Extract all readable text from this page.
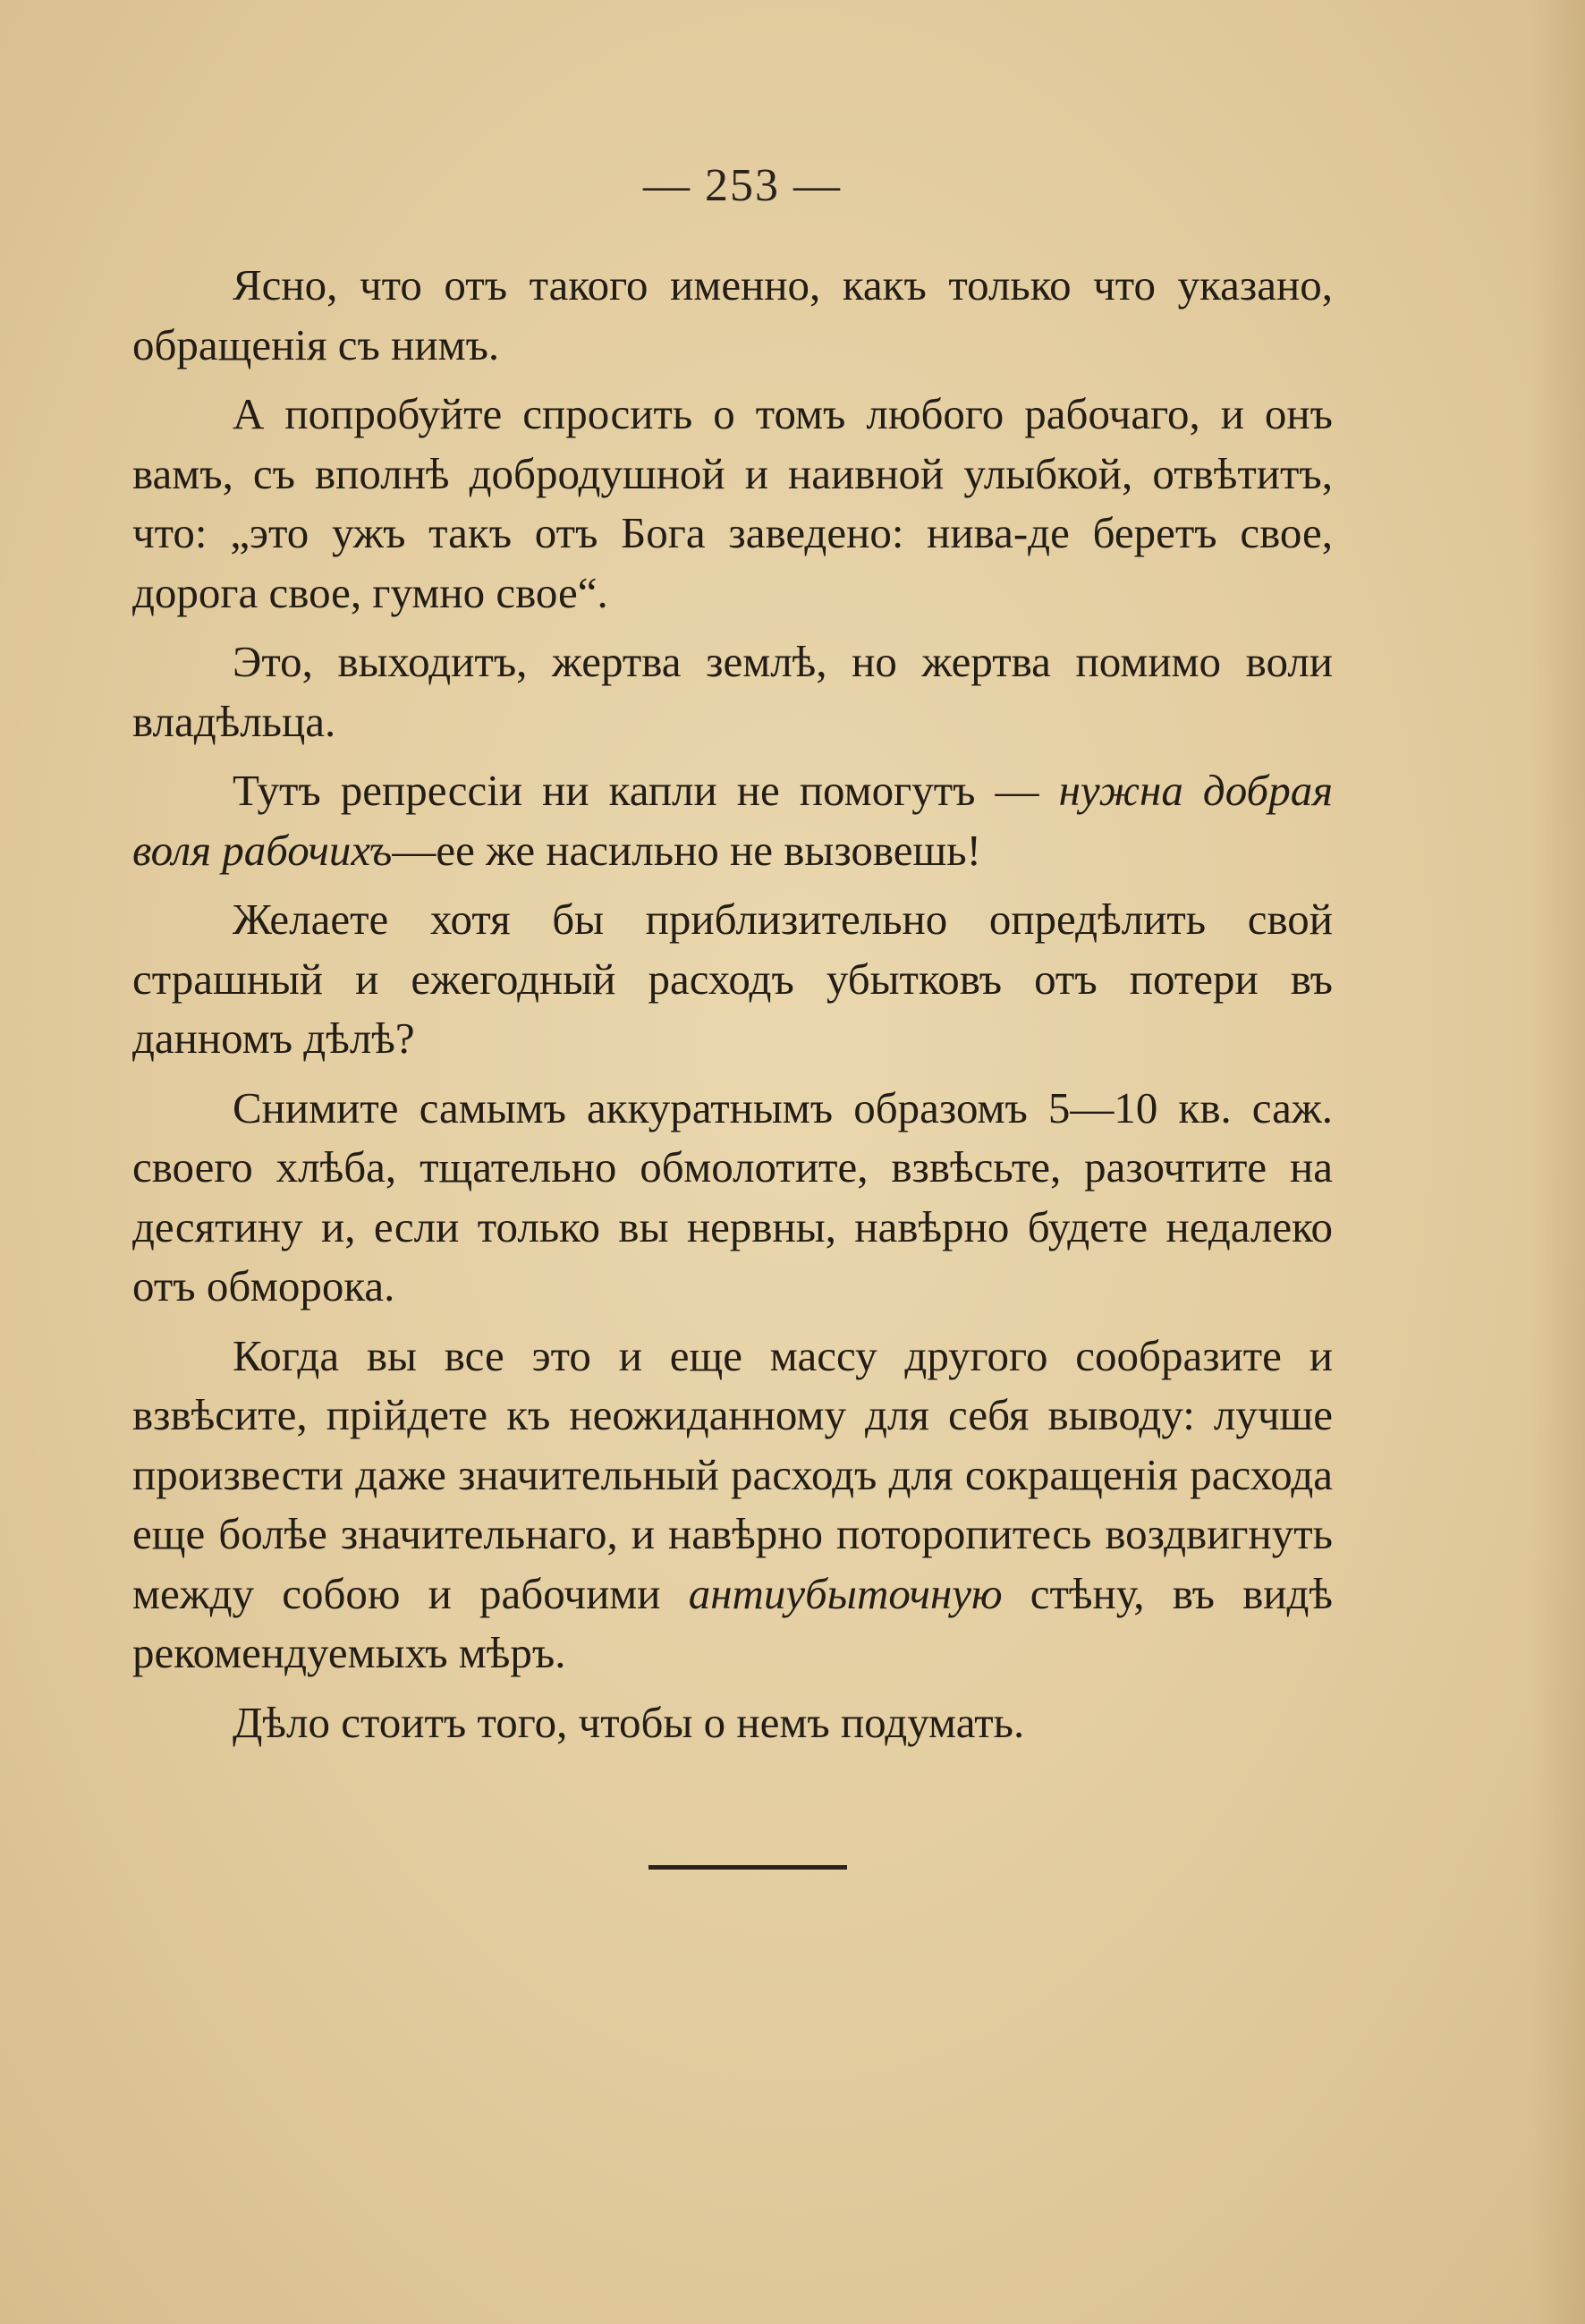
— 253 —

Ясно, что отъ такого именно, какъ только что указано, обращенія съ нимъ.

А попробуйте спросить о томъ любого рабочаго, и онъ вамъ, съ вполнѣ добродушной и наивной улыбкой, отвѣтитъ, что: „это ужъ такъ отъ Бога заведено: нива-де беретъ свое, дорога свое, гумно свое“.

Это, выходитъ, жертва землѣ, но жертва помимо воли владѣльца.

Тутъ репрессіи ни капли не помогутъ — нужна добрая воля рабочихъ—ее же насильно не вызовешь!

Желаете хотя бы приблизительно опредѣлить свой страшный и ежегодный расходъ убытковъ отъ потери въ данномъ дѣлѣ?

Снимите самымъ аккуратнымъ образомъ 5—10 кв. саж. своего хлѣба, тщательно обмолотите, взвѣсьте, разочтите на десятину и, если только вы нервны, навѣрно будете недалеко отъ обморока.

Когда вы все это и еще массу другого сообразите и взвѣсите, прійдете къ неожиданному для себя выводу: лучше произвести даже значительный расходъ для сокращенія расхода еще болѣе значительнаго, и навѣрно поторопитесь воздвигнуть между собою и рабочими антиубыточную стѣну, въ видѣ рекомендуемыхъ мѣръ.

Дѣло стоитъ того, чтобы о немъ подумать.
